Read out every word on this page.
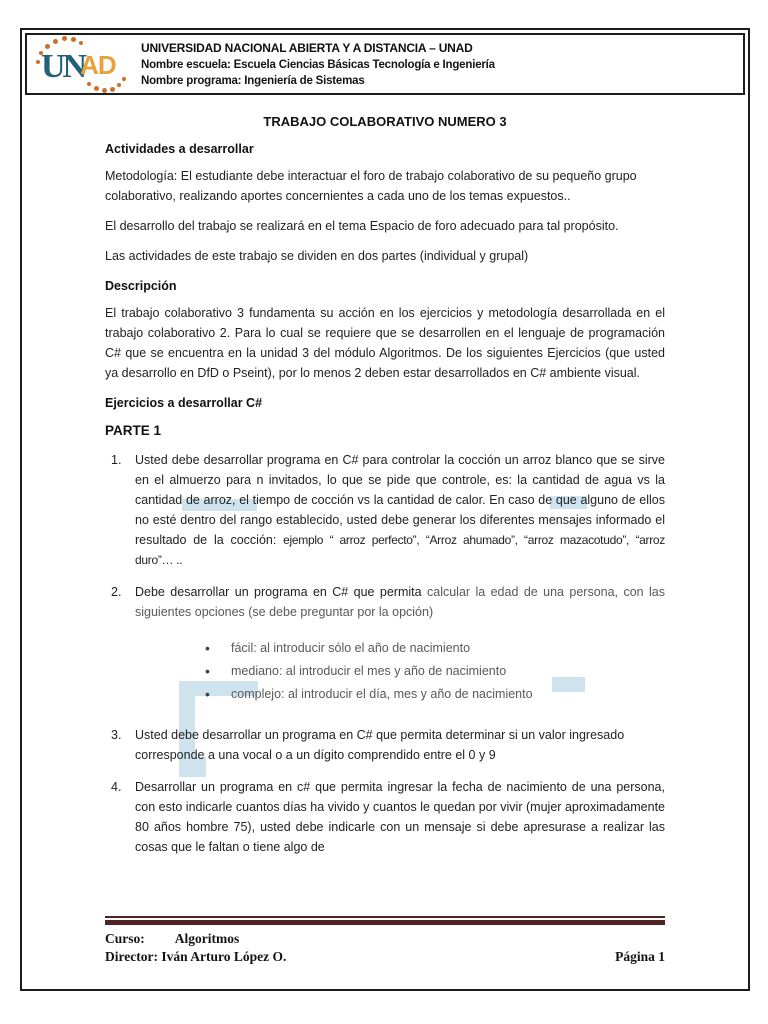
UNAD
UNIVERSIDAD NACIONAL ABIERTA Y A DISTANCIA – UNAD
Nombre escuela: Escuela Ciencias Básicas Tecnología e Ingeniería
Nombre programa: Ingeniería de Sistemas
TRABAJO COLABORATIVO NUMERO 3
Actividades a desarrollar

Metodología: El estudiante debe interactuar el foro de trabajo colaborativo de su pequeño grupo colaborativo, realizando aportes concernientes a cada uno de los temas expuestos..

El desarrollo del trabajo se realizará en el tema Espacio de foro adecuado para tal propósito.

Las actividades de este trabajo se dividen en dos partes (individual y grupal)

Descripción

El trabajo colaborativo 3 fundamenta su acción en los ejercicios y metodología desarrollada en el trabajo colaborativo 2. Para lo cual se requiere que se desarrollen en el lenguaje de programación C# que se encuentra en la unidad 3 del módulo Algoritmos. De los siguientes Ejercicios (que usted ya desarrollo en DfD o Pseint), por lo menos 2 deben estar desarrollados en C# ambiente visual.

Ejercicios a desarrollar C#
PARTE 1
1. Usted debe desarrollar programa en C# para controlar la cocción un arroz blanco que se sirve en el almuerzo para n invitados, lo que se pide que controle, es: la cantidad de agua vs la cantidad de arroz, el tiempo de cocción vs la cantidad de calor. En caso de que alguno de ellos no esté dentro del rango establecido, usted debe generar los diferentes mensajes informado el resultado de la cocción: ejemplo “ arroz perfecto”, “Arroz ahumado”, “arroz mazacotudo”, “arroz duro”… ..
2. Debe desarrollar un programa en C# que permita calcular la edad de una persona, con las siguientes opciones (se debe preguntar por la opción)
• fácil: al introducir sólo el año de nacimiento
• mediano: al introducir el mes y año de nacimiento
• complejo: al introducir el día, mes y año de nacimiento
3. Usted debe desarrollar un programa en C# que permita determinar si un valor ingresado corresponde a una vocal o a un dígito comprendido entre el 0 y 9
4. Desarrollar un programa en c# que permita ingresar la fecha de nacimiento de una persona, con esto indicarle cuantos días ha vivido y cuantos le quedan por vivir (mujer aproximadamente 80 años hombre 75), usted debe indicarle con un mensaje si debe apresurase a realizar las cosas que le faltan o tiene algo de
Curso: Algoritmos
Director: Iván Arturo López O.	Página 1
